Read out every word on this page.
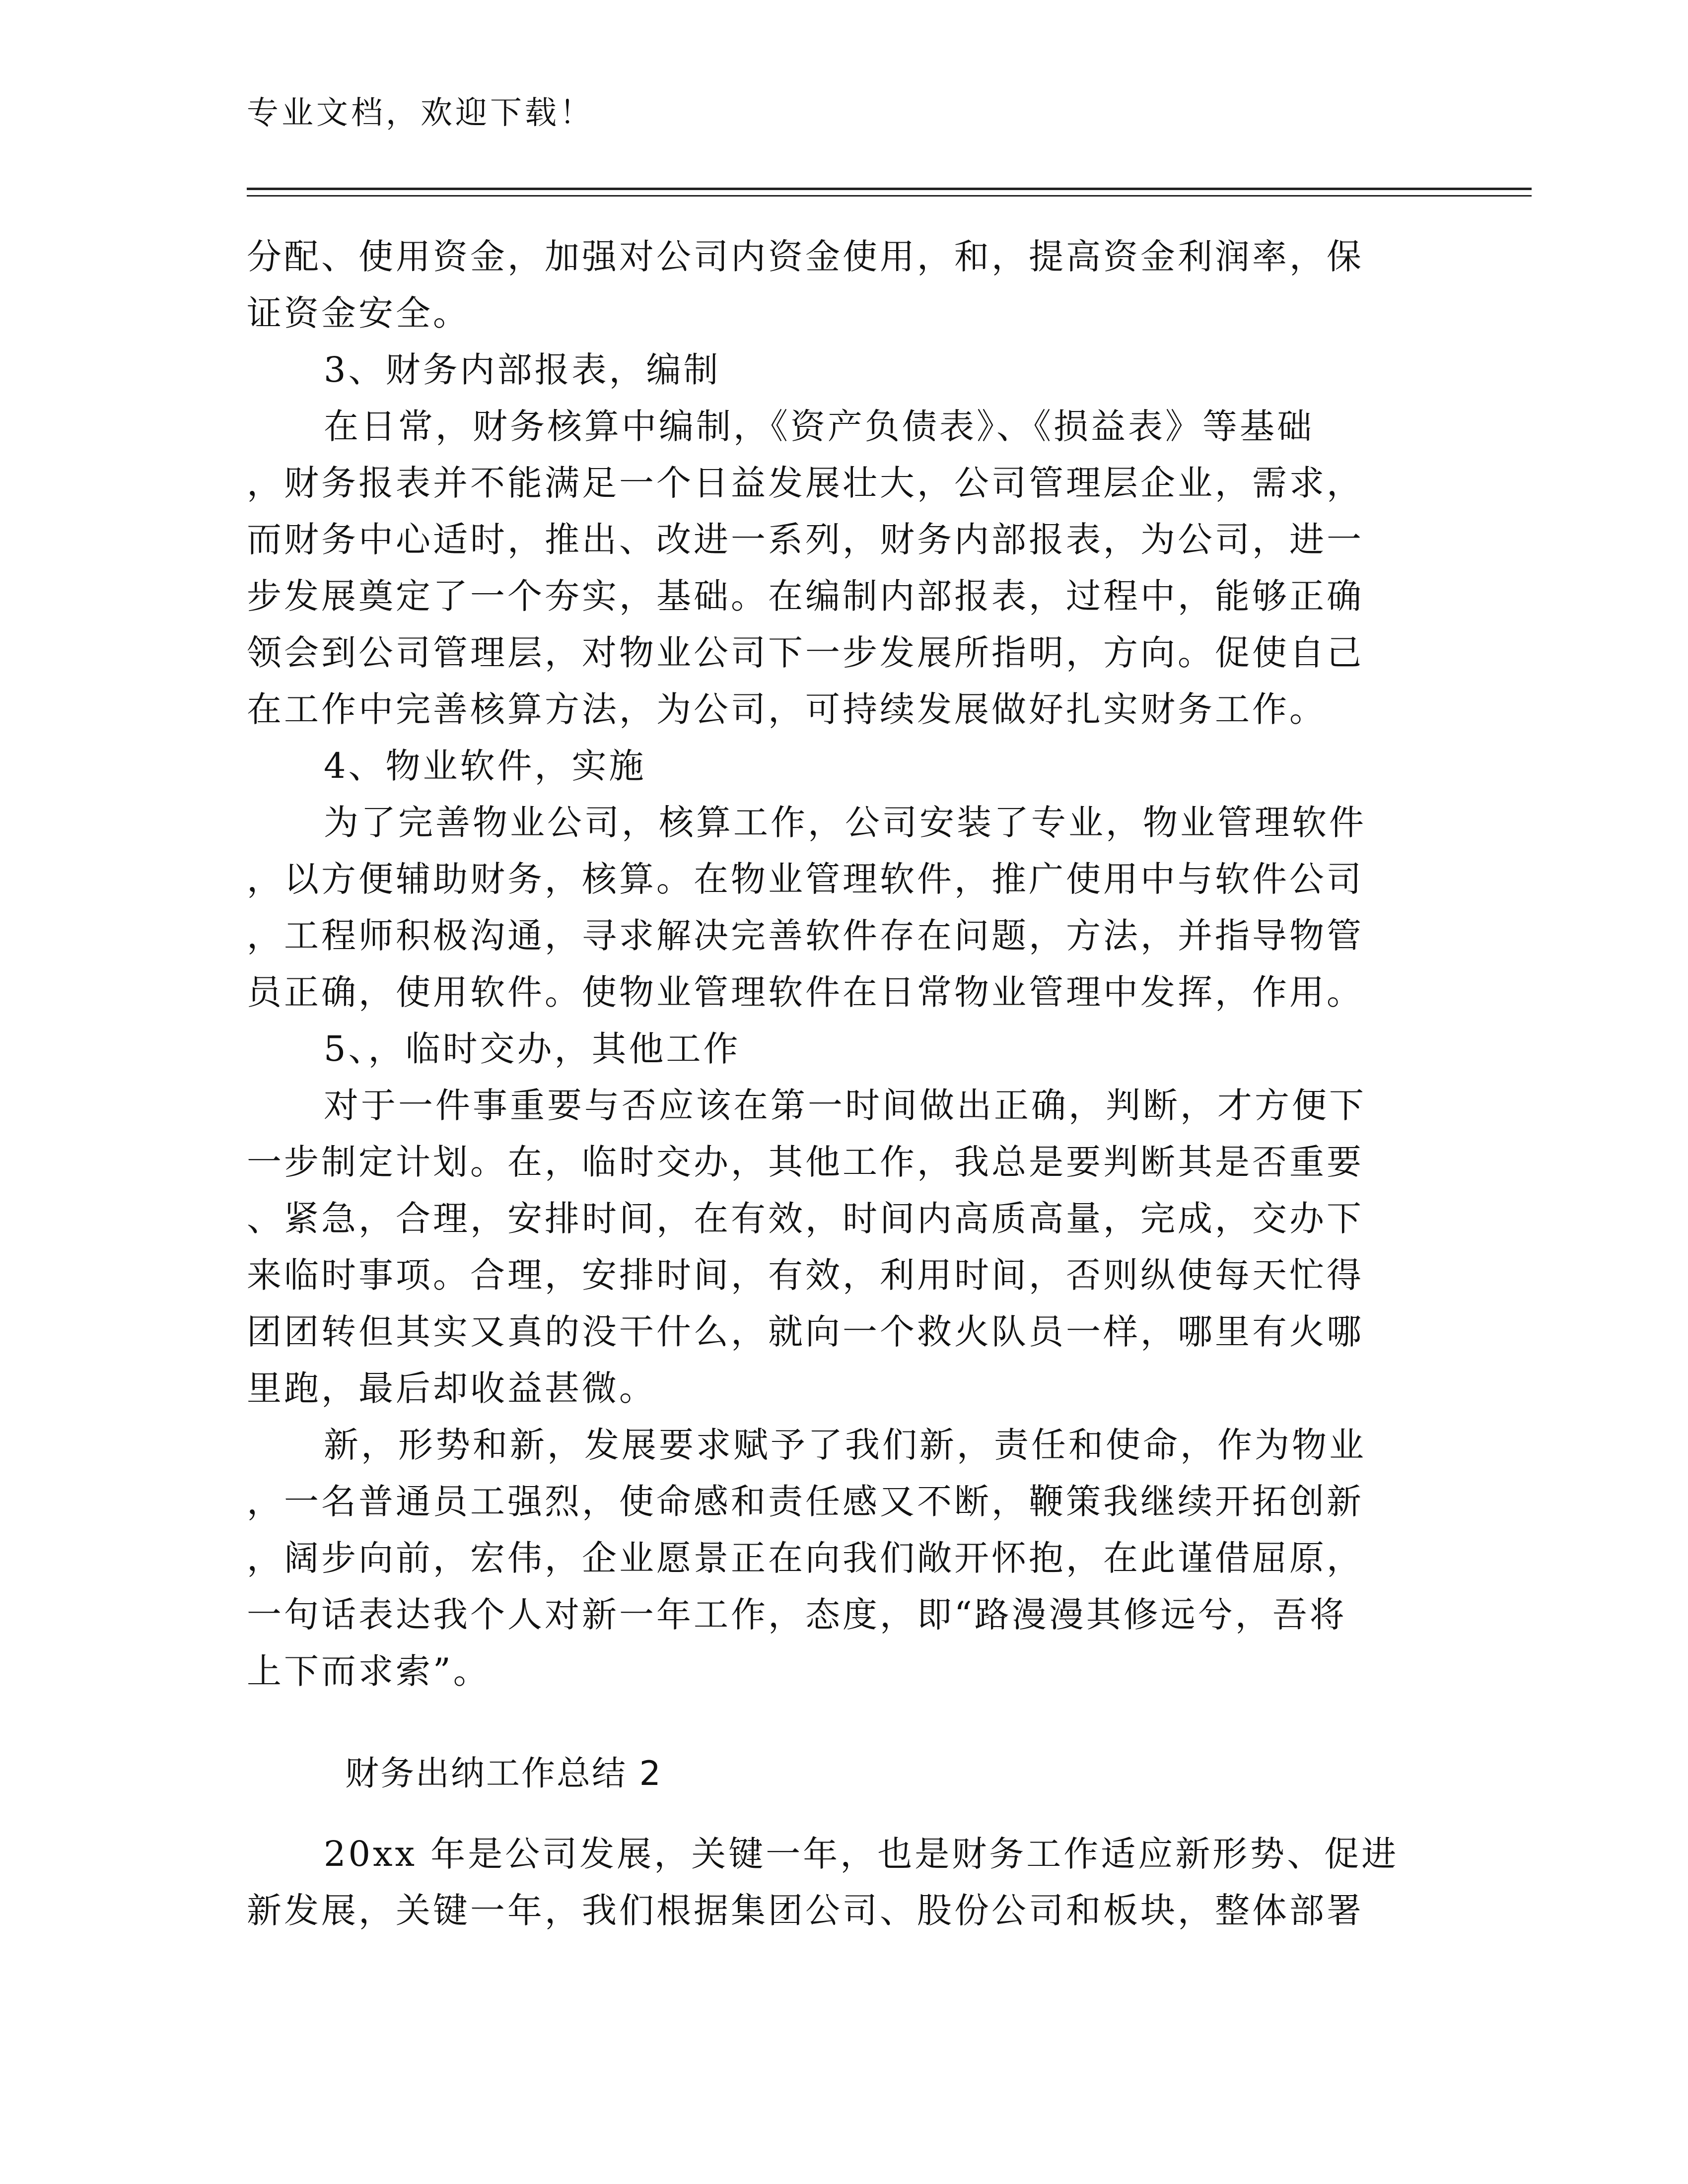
专业文档，欢迎下载！
分配、使用资金，加强对公司内资金使用，和，提高资金利润率，保
证资金安全。
3、财务内部报表，编制
在日常，财务核算中编制，《资产负债表》、《损益表》等基础
，财务报表并不能满足一个日益发展壮大，公司管理层企业，需求，
而财务中心适时，推出、改进一系列，财务内部报表，为公司，进一
步发展奠定了一个夯实，基础。在编制内部报表，过程中，能够正确
领会到公司管理层，对物业公司下一步发展所指明，方向。促使自己
在工作中完善核算方法，为公司，可持续发展做好扎实财务工作。
4、物业软件，实施
为了完善物业公司，核算工作，公司安装了专业，物业管理软件
，以方便辅助财务，核算。在物业管理软件，推广使用中与软件公司
，工程师积极沟通，寻求解决完善软件存在问题，方法，并指导物管
员正确，使用软件。使物业管理软件在日常物业管理中发挥，作用。
5、，临时交办，其他工作
对于一件事重要与否应该在第一时间做出正确，判断，才方便下
一步制定计划。在，临时交办，其他工作，我总是要判断其是否重要
、紧急，合理，安排时间，在有效，时间内高质高量，完成，交办下
来临时事项。合理，安排时间，有效，利用时间，否则纵使每天忙得
团团转但其实又真的没干什么，就向一个救火队员一样，哪里有火哪
里跑，最后却收益甚微。
新，形势和新，发展要求赋予了我们新，责任和使命，作为物业
，一名普通员工强烈，使命感和责任感又不断，鞭策我继续开拓创新
，阔步向前，宏伟，企业愿景正在向我们敞开怀抱，在此谨借屈原，
一句话表达我个人对新一年工作，态度，即“路漫漫其修远兮，吾将
上下而求索”。
财务出纳工作总结 2
20xx 年是公司发展，关键一年，也是财务工作适应新形势、促进
新发展，关键一年，我们根据集团公司、股份公司和板块，整体部署
